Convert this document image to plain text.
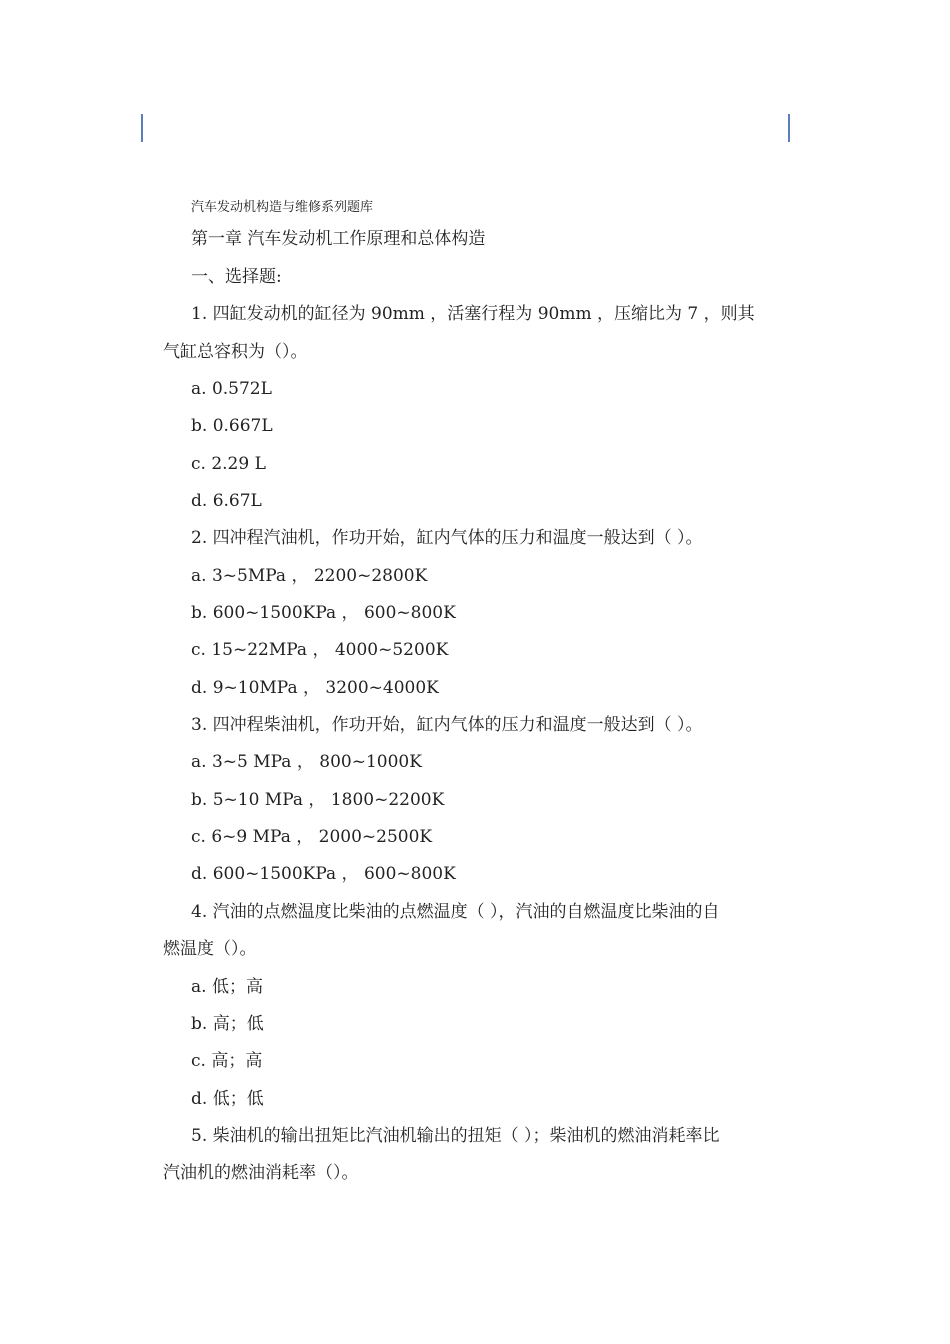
汽车发动机构造与维修系列题库
第一章 汽车发动机工作原理和总体构造
一、选择题:
1. 四缸发动机的缸径为 90mm ，活塞行程为 90mm ，压缩比为 7 ，则其
气缸总容积为（）。
a. 0.572L
b. 0.667L
c. 2.29 L
d. 6.67L
2. 四冲程汽油机，作功开始，缸内气体的压力和温度一般达到（ ）。
a. 3~5MPa ， 2200~2800K
b. 600~1500KPa ， 600~800K
c. 15~22MPa ， 4000~5200K
d. 9~10MPa ， 3200~4000K
3. 四冲程柴油机，作功开始，缸内气体的压力和温度一般达到（ ）。
a. 3~5 MPa ， 800~1000K
b. 5~10 MPa ， 1800~2200K
c. 6~9 MPa ， 2000~2500K
d. 600~1500KPa ， 600~800K
4. 汽油的点燃温度比柴油的点燃温度（ ），汽油的自燃温度比柴油的自
燃温度（）。
a. 低；高
b. 高；低
c. 高；高
d. 低；低
5. 柴油机的输出扭矩比汽油机输出的扭矩（ ）；柴油机的燃油消耗率比
汽油机的燃油消耗率（）。
